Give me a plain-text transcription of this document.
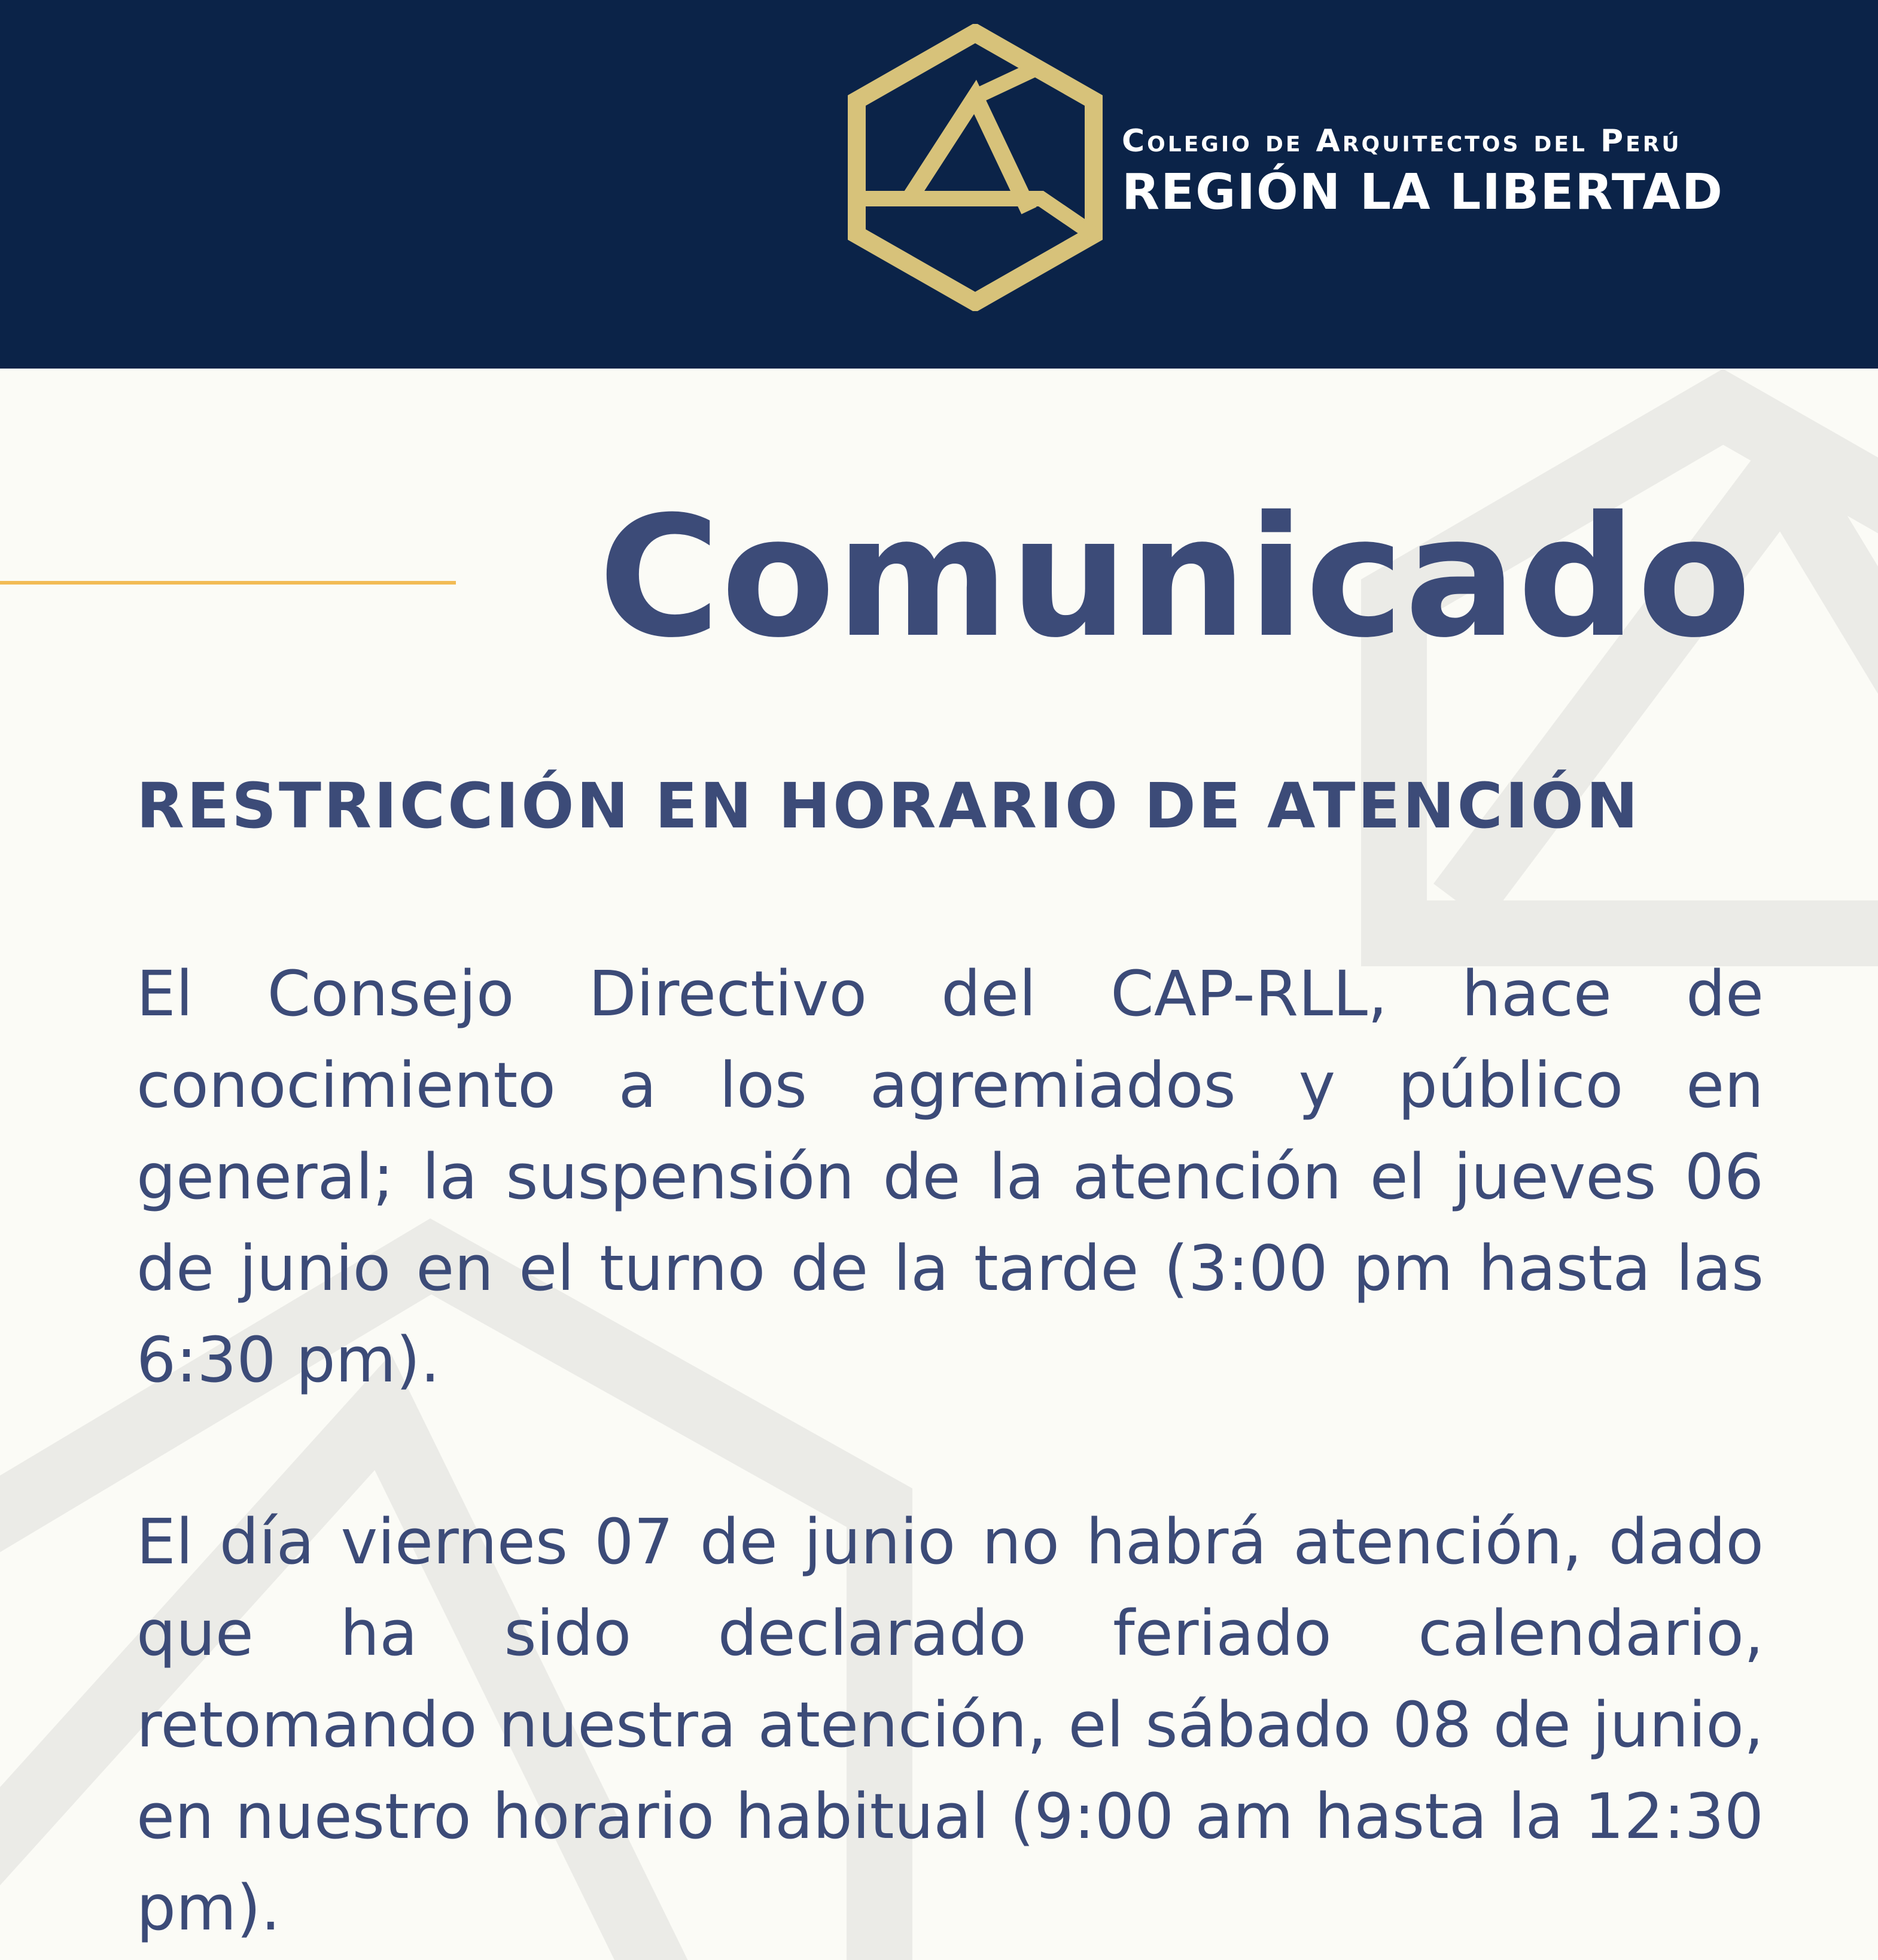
Colegio de Arquitectos del Perú
REGIÓN LA LIBERTAD
Comunicado
RESTRICCIÓN EN HORARIO DE ATENCIÓN

El Consejo Directivo del CAP-RLL, hace de conocimiento a los agremiados y público en general; la suspensión de la atención el jueves 06 de junio en el turno de la tarde (3:00 pm hasta las 6:30 pm).

El día viernes 07 de junio no habrá atención, dado que ha sido declarado feriado calendario, retomando nuestra atención, el sábado 08 de junio, en nuestro horario habitual (9:00 am hasta la 12:30 pm).
